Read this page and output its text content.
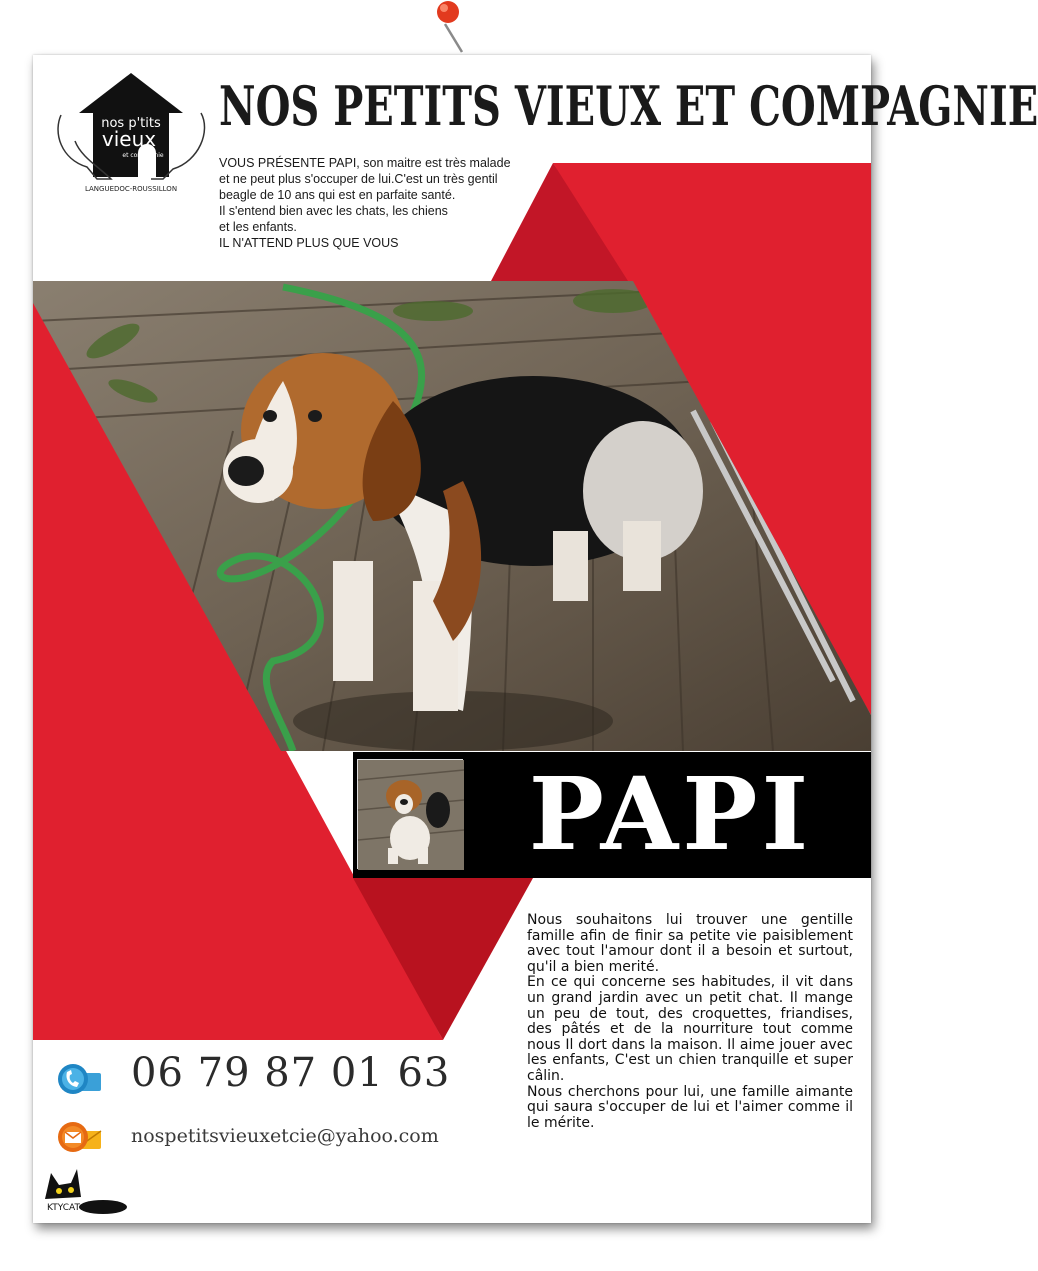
nos p'tits
vieux
et compagnie
LANGUEDOC-ROUSSILLON
NOS PETITS VIEUX ET COMPAGNIE
VOUS PRÉSENTE PAPI, son maitre est très malade
et ne peut plus s'occuper de lui.C'est un très gentil
beagle de 10 ans qui est en parfaite santé.
Il s'entend bien avec les chats, les chiens
et les enfants.
IL N'ATTEND PLUS QUE VOUS
PAPI

Nous souhaitons lui trouver une gentille famille afin de finir sa petite vie paisiblement avec tout l'amour dont il a besoin et surtout, qu'il a bien merité.

En ce qui concerne ses habitudes, il vit dans un grand jardin avec un petit chat. Il mange un peu de tout, des croquettes, friandises, des pâtés et de la nourriture tout comme nous Il dort dans la maison. Il aime jouer avec les enfants, C'est un chien tranquille et super câlin.

Nous cherchons pour lui, une famille aimante qui saura s'occuper de lui et l'aimer comme il le mérite.

06 79 87 01 63
nospetitsvieuxetcie@yahoo.com
KTYCAT
